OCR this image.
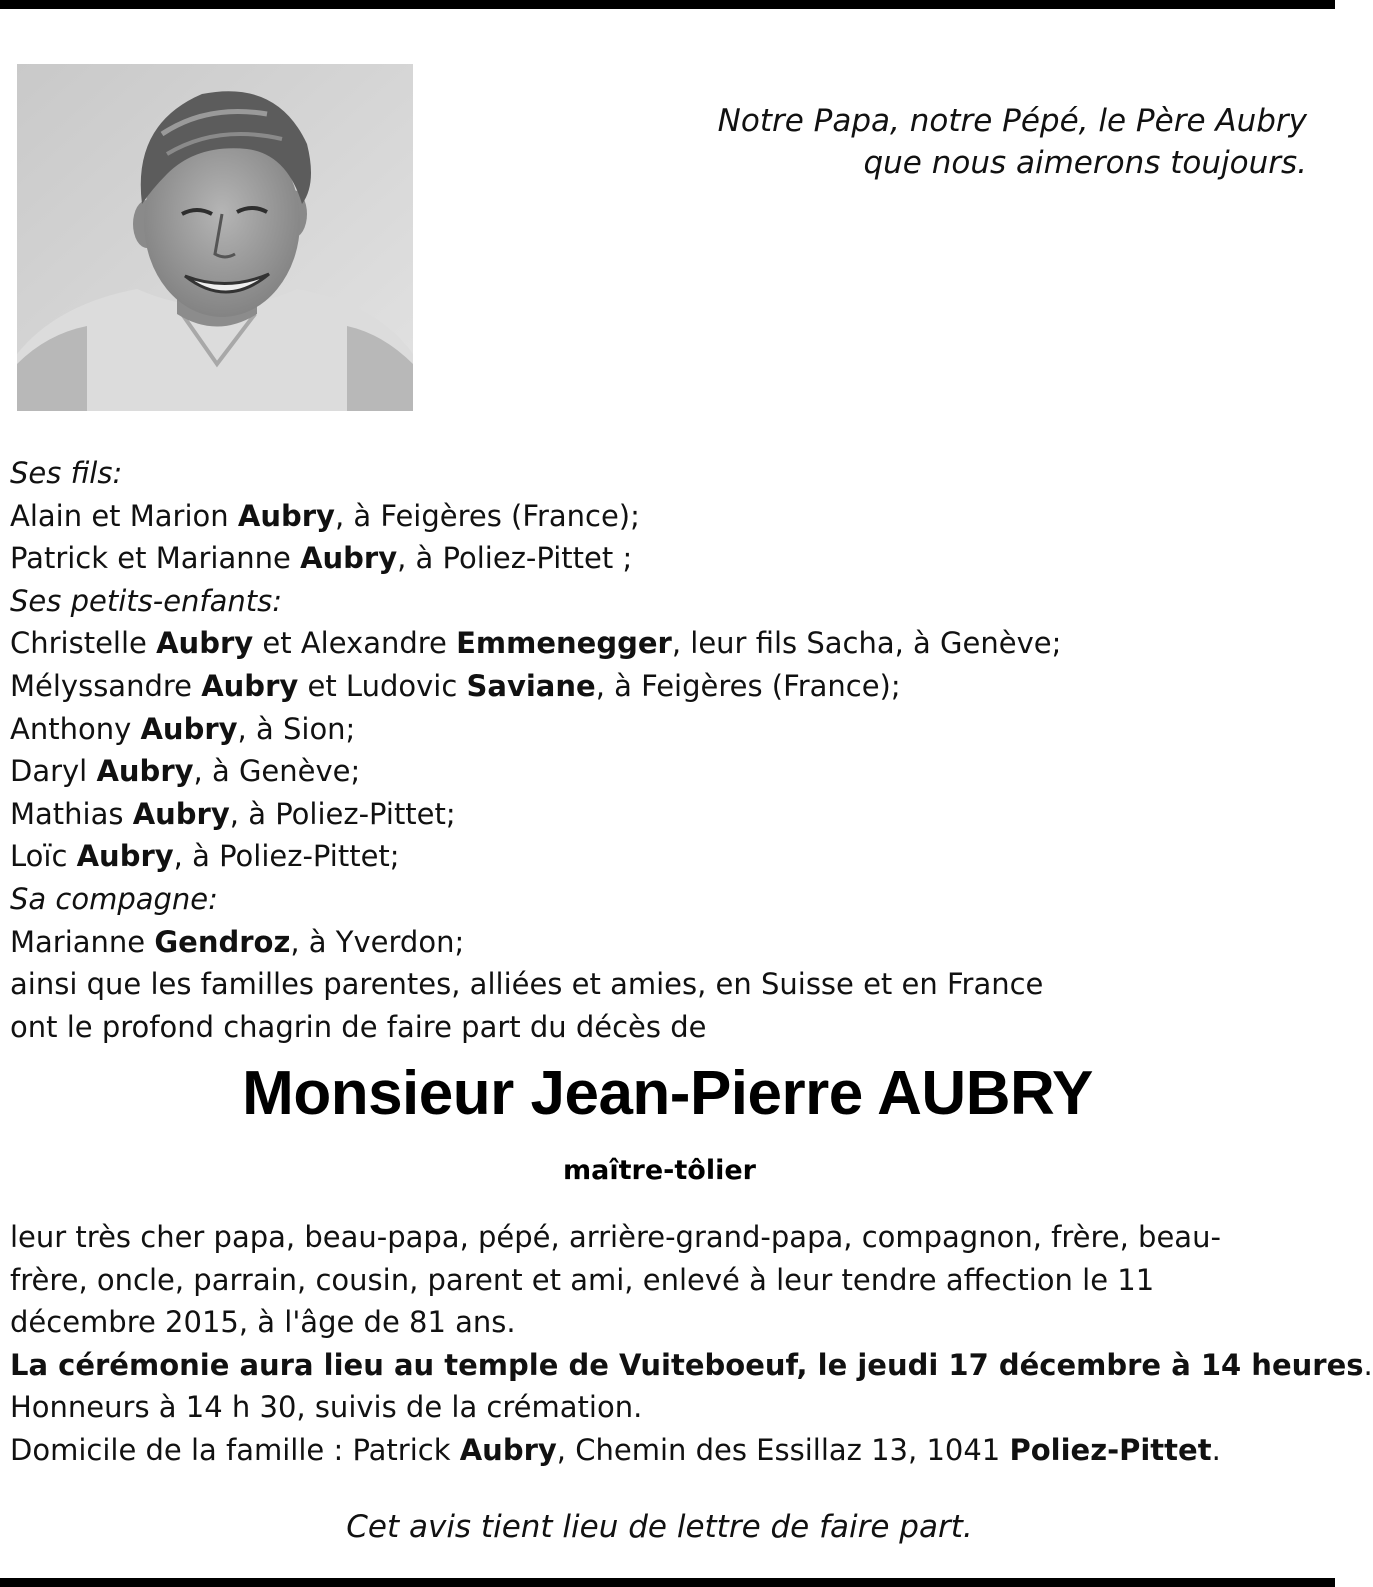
Notre Papa, notre Pépé, le Père Aubry
que nous aimerons toujours.
Ses fils:
Alain et Marion Aubry, à Feigères (France);
Patrick et Marianne Aubry, à Poliez-Pittet ;
Ses petits-enfants:
Christelle Aubry et Alexandre Emmenegger, leur fils Sacha, à Genève;
Mélyssandre Aubry et Ludovic Saviane, à Feigères (France);
Anthony Aubry, à Sion;
Daryl Aubry, à Genève;
Mathias Aubry, à Poliez-Pittet;
Loïc Aubry, à Poliez-Pittet;
Sa compagne:
Marianne Gendroz, à Yverdon;
ainsi que les familles parentes, alliées et amies, en Suisse et en France
ont le profond chagrin de faire part du décès de
Monsieur Jean-Pierre AUBRY
maître-tôlier
leur très cher papa, beau-papa, pépé, arrière-grand-papa, compagnon, frère, beau-
frère, oncle, parrain, cousin, parent et ami, enlevé à leur tendre affection le 11
décembre 2015, à l'âge de 81 ans.
La cérémonie aura lieu au temple de Vuiteboeuf, le jeudi 17 décembre à 14 heures.
Honneurs à 14 h 30, suivis de la crémation.
Domicile de la famille : Patrick Aubry, Chemin des Essillaz 13, 1041 Poliez-Pittet.
Cet avis tient lieu de lettre de faire part.
